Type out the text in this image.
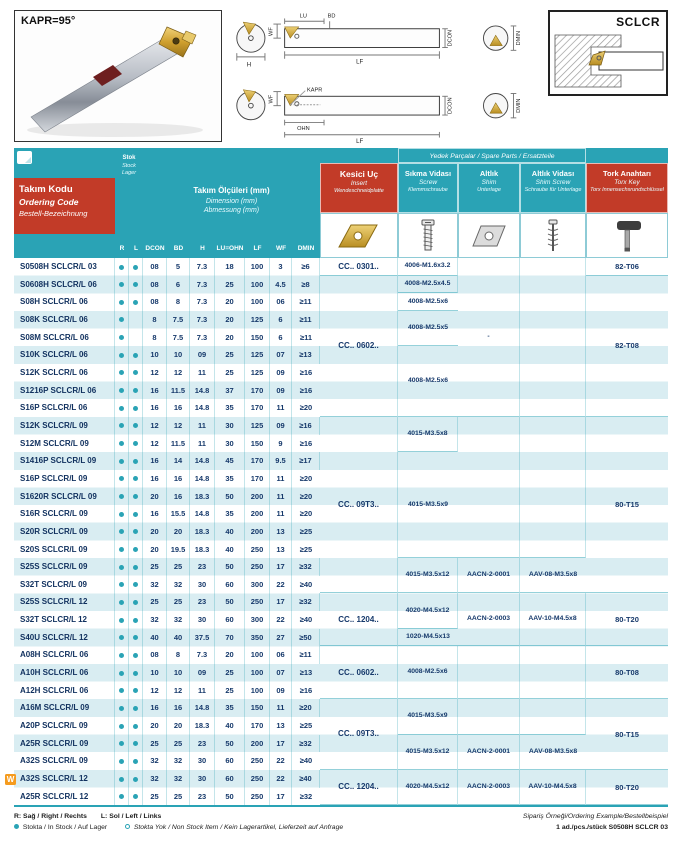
KAPR=95°
H
WF
LU	BD
LF
DCON	DMIN
WF
KAPR
OHN
LF
DCON	DMIN
SCLCR
Takım Kodu
Ordering Code
Bestell-Bezeichnung
Stok
Stock
Lager
Takım Ölçüleri (mm)
Dimension (mm)
Abmessung (mm)
R	L	DCON	BD	H	LU=OHN	LF	WF	DMIN
Yedek Parçalar / Spare Parts / Ersatzteile
Kesici Uç
Insert
Wendeschneidplatte
Sıkma Vidası
Screw
Klemmschraube
Altlık
Shim
Unterlage
Altlık Vidası
Shim Screw
Schraube für Unterlage
Tork Anahtarı
Torx Key
Torx Innensechsrundschlüssel
S0508H SCLCR/L 03			08	5	7.3	18	100	3	≥6	CC.. 0301..	4006-M1.6x3.2	-		82-T06
S0608H SCLCR/L 06			08	6	7.3	25	100	4.5	≥8	CC.. 0602..	4008-M2.5x4.5			82-T08
S08H SCLCR/L 06			08	8	7.3	20	100	06	≥11		4008-M2.5x6			
S08K SCLCR/L 06			8	7.5	7.3	20	125	6	≥11		4008-M2.5x5			
S08M SCLCR/L 06			8	7.5	7.3	20	150	6	≥11					
S10K SCLCR/L 06			10	10	09	25	125	07	≥13		4008-M2.5x6			
S12K SCLCR/L 06			12	12	11	25	125	09	≥16					
S1216P SCLCR/L 06			16	11.5	14.8	37	170	09	≥16					
S16P SCLCR/L 06			16	16	14.8	35	170	11	≥20					
S12K SCLCR/L 09			12	12	11	30	125	09	≥16	CC.. 09T3..	4015-M3.5x8			80-T15
S12M SCLCR/L 09			12	11.5	11	30	150	9	≥16					
S1416P SCLCR/L 09			16	14	14.8	45	170	9.5	≥17		4015-M3.5x9			
S16P SCLCR/L 09			16	16	14.8	35	170	11	≥20					
S1620R SCLCR/L 09			20	16	18.3	50	200	11	≥20					
S16R SCLCR/L 09			16	15.5	14.8	35	200	11	≥20					
S20R SCLCR/L 09			20	20	18.3	40	200	13	≥25					
S20S SCLCR/L 09			20	19.5	18.3	40	250	13	≥25					
S25S SCLCR/L 09			25	25	23	50	250	17	≥32		4015-M3.5x12	AACN-2-0001	AAV-08-M3.5x8	
S32T SCLCR/L 09			32	32	30	60	300	22	≥40					
S25S SCLCR/L 12			25	25	23	50	250	17	≥32	CC.. 1204..	4020-M4.5x12	AACN-2-0003	AAV-10-M4.5x8	80-T20
S32T SCLCR/L 12			32	32	30	60	300	22	≥40					
S40U SCLCR/L 12			40	40	37.5	70	350	27	≥50		1020-M4.5x13			
A08H SCLCR/L 06			08	8	7.3	20	100	06	≥11	CC.. 0602..	4008-M2.5x6			80-T08
A10H SCLCR/L 06			10	10	09	25	100	07	≥13					
A12H SCLCR/L 06			12	12	11	25	100	09	≥16					
A16M SCLCR/L 09			16	16	14.8	35	150	11	≥20	CC.. 09T3..	4015-M3.5x9			80-T15
A20P SCLCR/L 09			20	20	18.3	40	170	13	≥25					
A25R SCLCR/L 09			25	25	23	50	200	17	≥32		4015-M3.5x12	AACN-2-0001	AAV-08-M3.5x8	
A32S SCLCR/L 09			32	32	30	60	250	22	≥40					

W A32S SCLCR/L 12			32	32	30	60	250	22	≥40	CC.. 1204..	4020-M4.5x12	AACN-2-0003	AAV-10-M4.5x8	80-T20
A25R SCLCR/L 12			25	25	23	50	250	17	≥32					
R: Sağ / Right / Rechts L: Sol / Left / Links
Stokta / In Stock / Auf Lager	Stokta Yok / Non Stock Item / Kein Lagerartikel, Lieferzeit auf Anfrage
Sipariş Örneği/Ordering Example/Bestellbeispiel
1 ad./pcs./stück S0508H SCLCR 03
